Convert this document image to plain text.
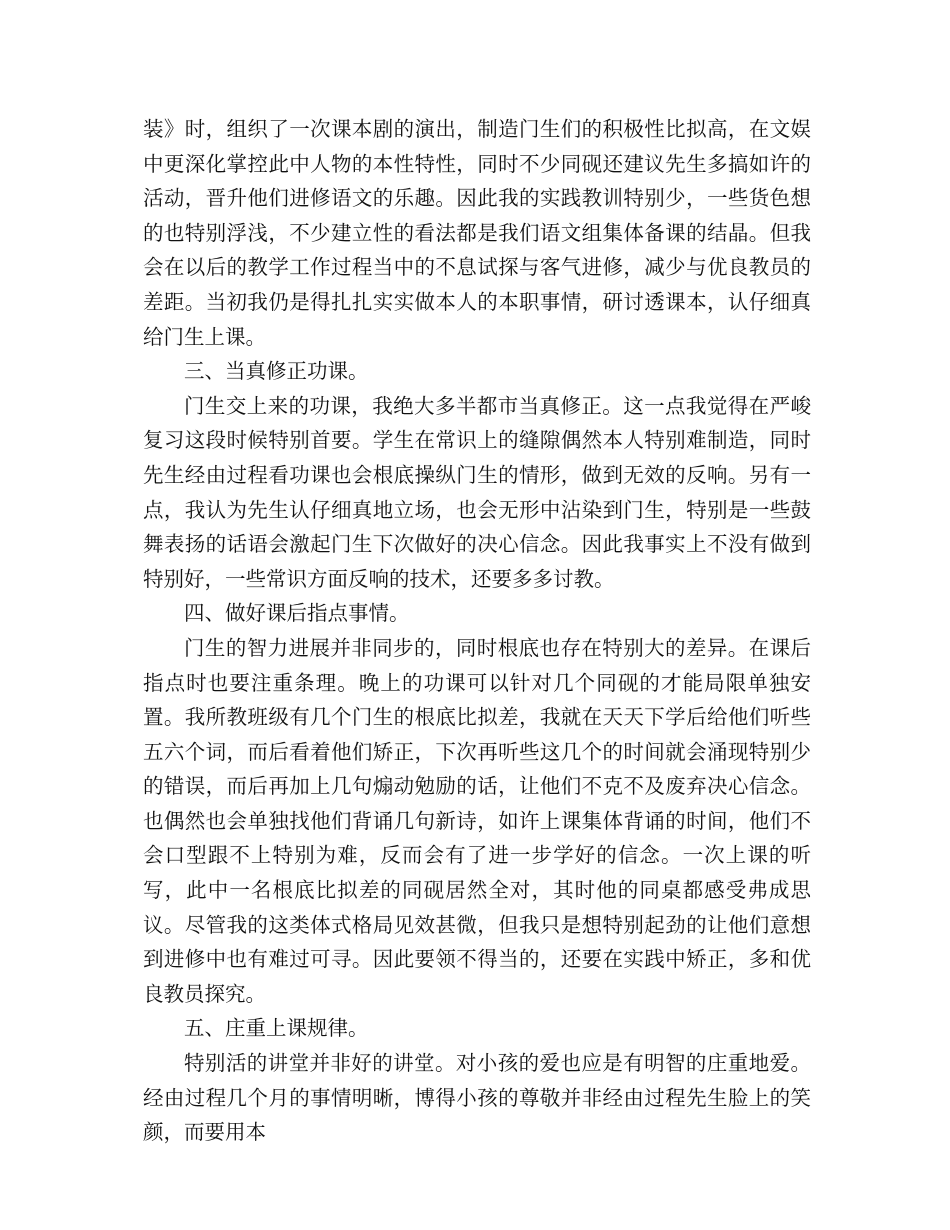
装》时，组织了一次课本剧的演出，制造门生们的积极性比拟高，在文娱中更深化掌控此中人物的本性特性，同时不少同砚还建议先生多搞如许的活动，晋升他们进修语文的乐趣。因此我的实践教训特别少，一些货色想的也特别浮浅，不少建立性的看法都是我们语文组集体备课的结晶。但我会在以后的教学工作过程当中的不息试探与客气进修，减少与优良教员的差距。当初我仍是得扎扎实实做本人的本职事情，研讨透课本，认仔细真给门生上课。

三、当真修正功课。

门生交上来的功课，我绝大多半都市当真修正。这一点我觉得在严峻复习这段时候特别首要。学生在常识上的缝隙偶然本人特别难制造，同时先生经由过程看功课也会根底操纵门生的情形，做到无效的反响。另有一点，我认为先生认仔细真地立场，也会无形中沾染到门生，特别是一些鼓舞表扬的话语会激起门生下次做好的决心信念。因此我事实上不没有做到特别好，一些常识方面反响的技术，还要多多讨教。

四、做好课后指点事情。

门生的智力进展并非同步的，同时根底也存在特别大的差异。在课后指点时也要注重条理。晚上的功课可以针对几个同砚的才能局限单独安置。我所教班级有几个门生的根底比拟差，我就在天天下学后给他们听些五六个词，而后看着他们矫正，下次再听些这几个的时间就会涌现特别少的错误，而后再加上几句煽动勉励的话，让他们不克不及废弃决心信念。也偶然也会单独找他们背诵几句新诗，如许上课集体背诵的时间，他们不会口型跟不上特别为难，反而会有了进一步学好的信念。一次上课的听写，此中一名根底比拟差的同砚居然全对，其时他的同桌都感受弗成思议。尽管我的这类体式格局见效甚微，但我只是想特别起劲的让他们意想到进修中也有难过可寻。因此要领不得当的，还要在实践中矫正，多和优良教员探究。

五、庄重上课规律。

特别活的讲堂并非好的讲堂。对小孩的爱也应是有明智的庄重地爱。经由过程几个月的事情明晰，博得小孩的尊敬并非经由过程先生脸上的笑颜，而要用本
